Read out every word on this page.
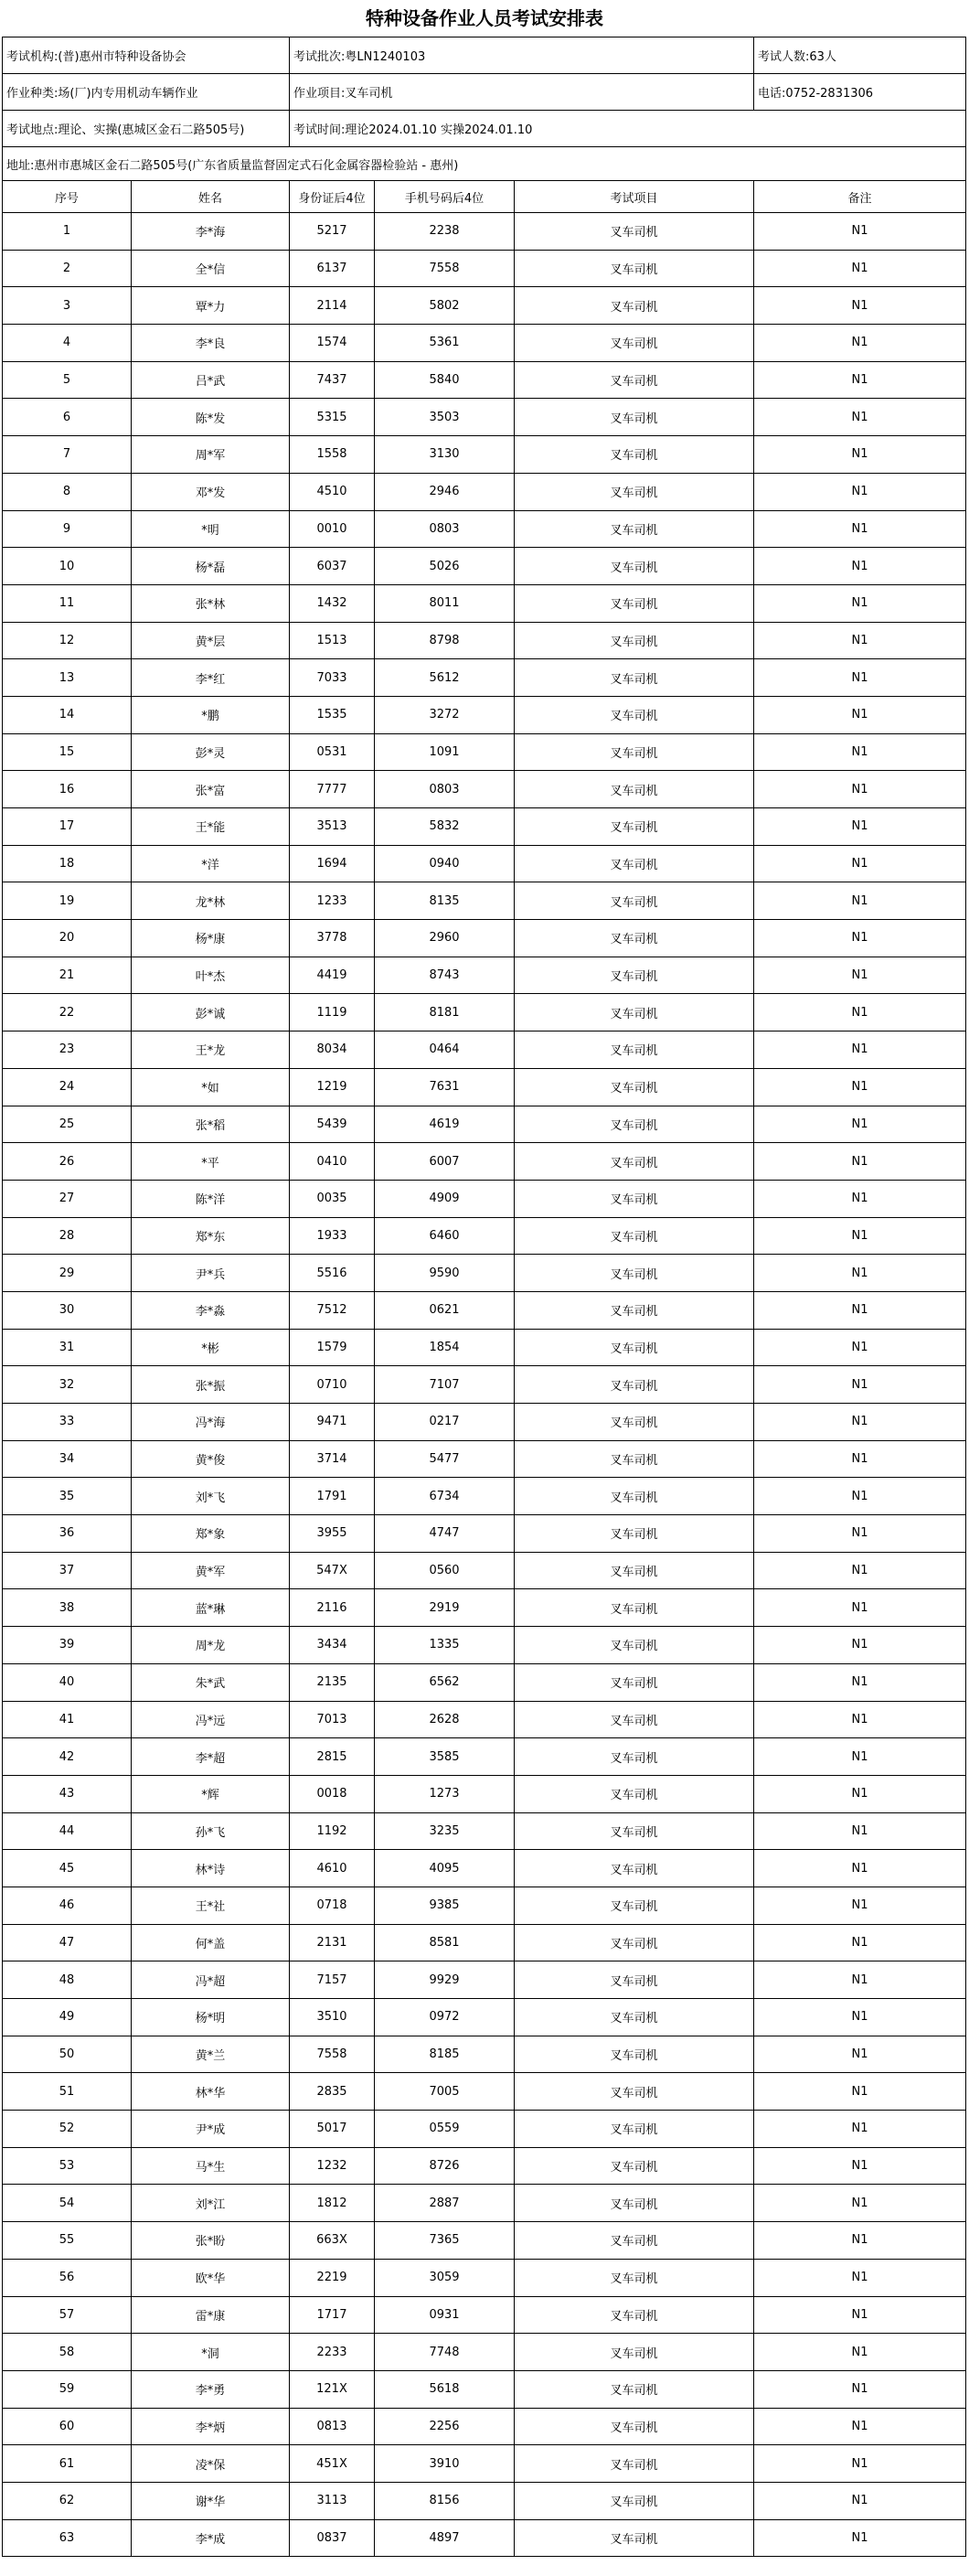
特种设备作业人员考试安排表
考试机构:(普)惠州市特种设备协会		考试批次:粤LN1240103			考试人数:63人
作业种类:场(厂)内专用机动车辆作业		作业项目:叉车司机			电话:0752-2831306
考试地点:理论、实操(惠城区金石二路505号)		考试时间:理论2024.01.10 实操2024.01.10			
地址:惠州市惠城区金石二路505号(广东省质量监督固定式石化金属容器检验站 - 惠州)					
序号	姓名	身份证后4位	手机号码后4位	考试项目	备注
1	李*海	5217	2238	叉车司机	N1
2	全*信	6137	7558	叉车司机	N1
3	覃*力	2114	5802	叉车司机	N1
4	李*良	1574	5361	叉车司机	N1
5	吕*武	7437	5840	叉车司机	N1
6	陈*发	5315	3503	叉车司机	N1
7	周*军	1558	3130	叉车司机	N1
8	邓*发	4510	2946	叉车司机	N1
9	*明	0010	0803	叉车司机	N1
10	杨*磊	6037	5026	叉车司机	N1
11	张*林	1432	8011	叉车司机	N1
12	黄*层	1513	8798	叉车司机	N1
13	李*红	7033	5612	叉车司机	N1
14	*鹏	1535	3272	叉车司机	N1
15	彭*灵	0531	1091	叉车司机	N1
16	张*富	7777	0803	叉车司机	N1
17	王*能	3513	5832	叉车司机	N1
18	*洋	1694	0940	叉车司机	N1
19	龙*林	1233	8135	叉车司机	N1
20	杨*康	3778	2960	叉车司机	N1
21	叶*杰	4419	8743	叉车司机	N1
22	彭*诚	1119	8181	叉车司机	N1
23	王*龙	8034	0464	叉车司机	N1
24	*如	1219	7631	叉车司机	N1
25	张*稻	5439	4619	叉车司机	N1
26	*平	0410	6007	叉车司机	N1
27	陈*洋	0035	4909	叉车司机	N1
28	郑*东	1933	6460	叉车司机	N1
29	尹*兵	5516	9590	叉车司机	N1
30	李*淼	7512	0621	叉车司机	N1
31	*彬	1579	1854	叉车司机	N1
32	张*振	0710	7107	叉车司机	N1
33	冯*海	9471	0217	叉车司机	N1
34	黄*俊	3714	5477	叉车司机	N1
35	刘*飞	1791	6734	叉车司机	N1
36	郑*象	3955	4747	叉车司机	N1
37	黄*军	547X	0560	叉车司机	N1
38	蓝*琳	2116	2919	叉车司机	N1
39	周*龙	3434	1335	叉车司机	N1
40	朱*武	2135	6562	叉车司机	N1
41	冯*远	7013	2628	叉车司机	N1
42	李*超	2815	3585	叉车司机	N1
43	*辉	0018	1273	叉车司机	N1
44	孙*飞	1192	3235	叉车司机	N1
45	林*诗	4610	4095	叉车司机	N1
46	王*社	0718	9385	叉车司机	N1
47	何*盖	2131	8581	叉车司机	N1
48	冯*超	7157	9929	叉车司机	N1
49	杨*明	3510	0972	叉车司机	N1
50	黄*兰	7558	8185	叉车司机	N1
51	林*华	2835	7005	叉车司机	N1
52	尹*成	5017	0559	叉车司机	N1
53	马*生	1232	8726	叉车司机	N1
54	刘*江	1812	2887	叉车司机	N1
55	张*盼	663X	7365	叉车司机	N1
56	欧*华	2219	3059	叉车司机	N1
57	雷*康	1717	0931	叉车司机	N1
58	*洞	2233	7748	叉车司机	N1
59	李*勇	121X	5618	叉车司机	N1
60	李*炳	0813	2256	叉车司机	N1
61	凌*保	451X	3910	叉车司机	N1
62	谢*华	3113	8156	叉车司机	N1
63	李*成	0837	4897	叉车司机	N1
